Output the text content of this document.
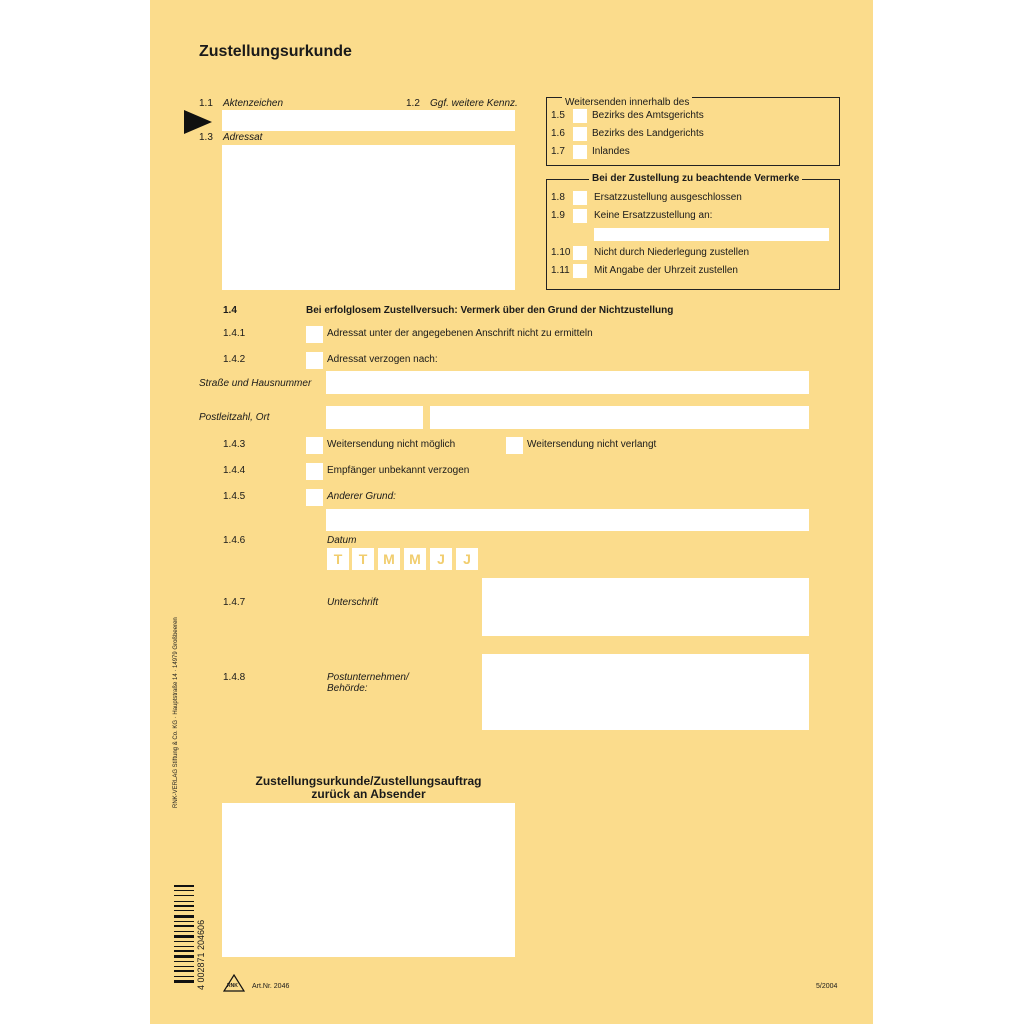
Zustellungsurkunde
1.1 Aktenzeichen	1.2 Ggf. weitere Kennz.
1.3 Adressat
Weitersenden innerhalb des
1.5	Bezirks des Amtsgerichts
1.6	Bezirks des Landgerichts
1.7	Inlandes
Bei der Zustellung zu beachtende Vermerke
1.8	Ersatzzustellung ausgeschlossen
1.9	Keine Ersatzzustellung an:
1.10 Nicht durch Niederlegung zustellen
1.11 Mit Angabe der Uhrzeit zustellen
1.4	Bei erfolglosem Zustellversuch: Vermerk über den Grund der Nichtzustellung
1.4.1	Adressat unter der angegebenen Anschrift nicht zu ermitteln
1.4.2	Adressat verzogen nach:
Straße und Hausnummer
Postleitzahl, Ort
1.4.3	Weitersendung nicht möglich	Weitersendung nicht verlangt
1.4.4	Empfänger unbekannt verzogen
1.4.5	Anderer Grund:
1.4.6	Datum
T	T	M	M	J	J
1.4.7	Unterschrift
1.4.8	Postunternehmen/
Behörde:
Zustellungsurkunde/Zustellungsauftrag
zurück an Absender
RNK-VERLAG Stiftung & Co. KG · Hauptstraße 14 · 14979 Großbeeren
4 002871 204606	RNK Art.Nr. 2046	5/2004
